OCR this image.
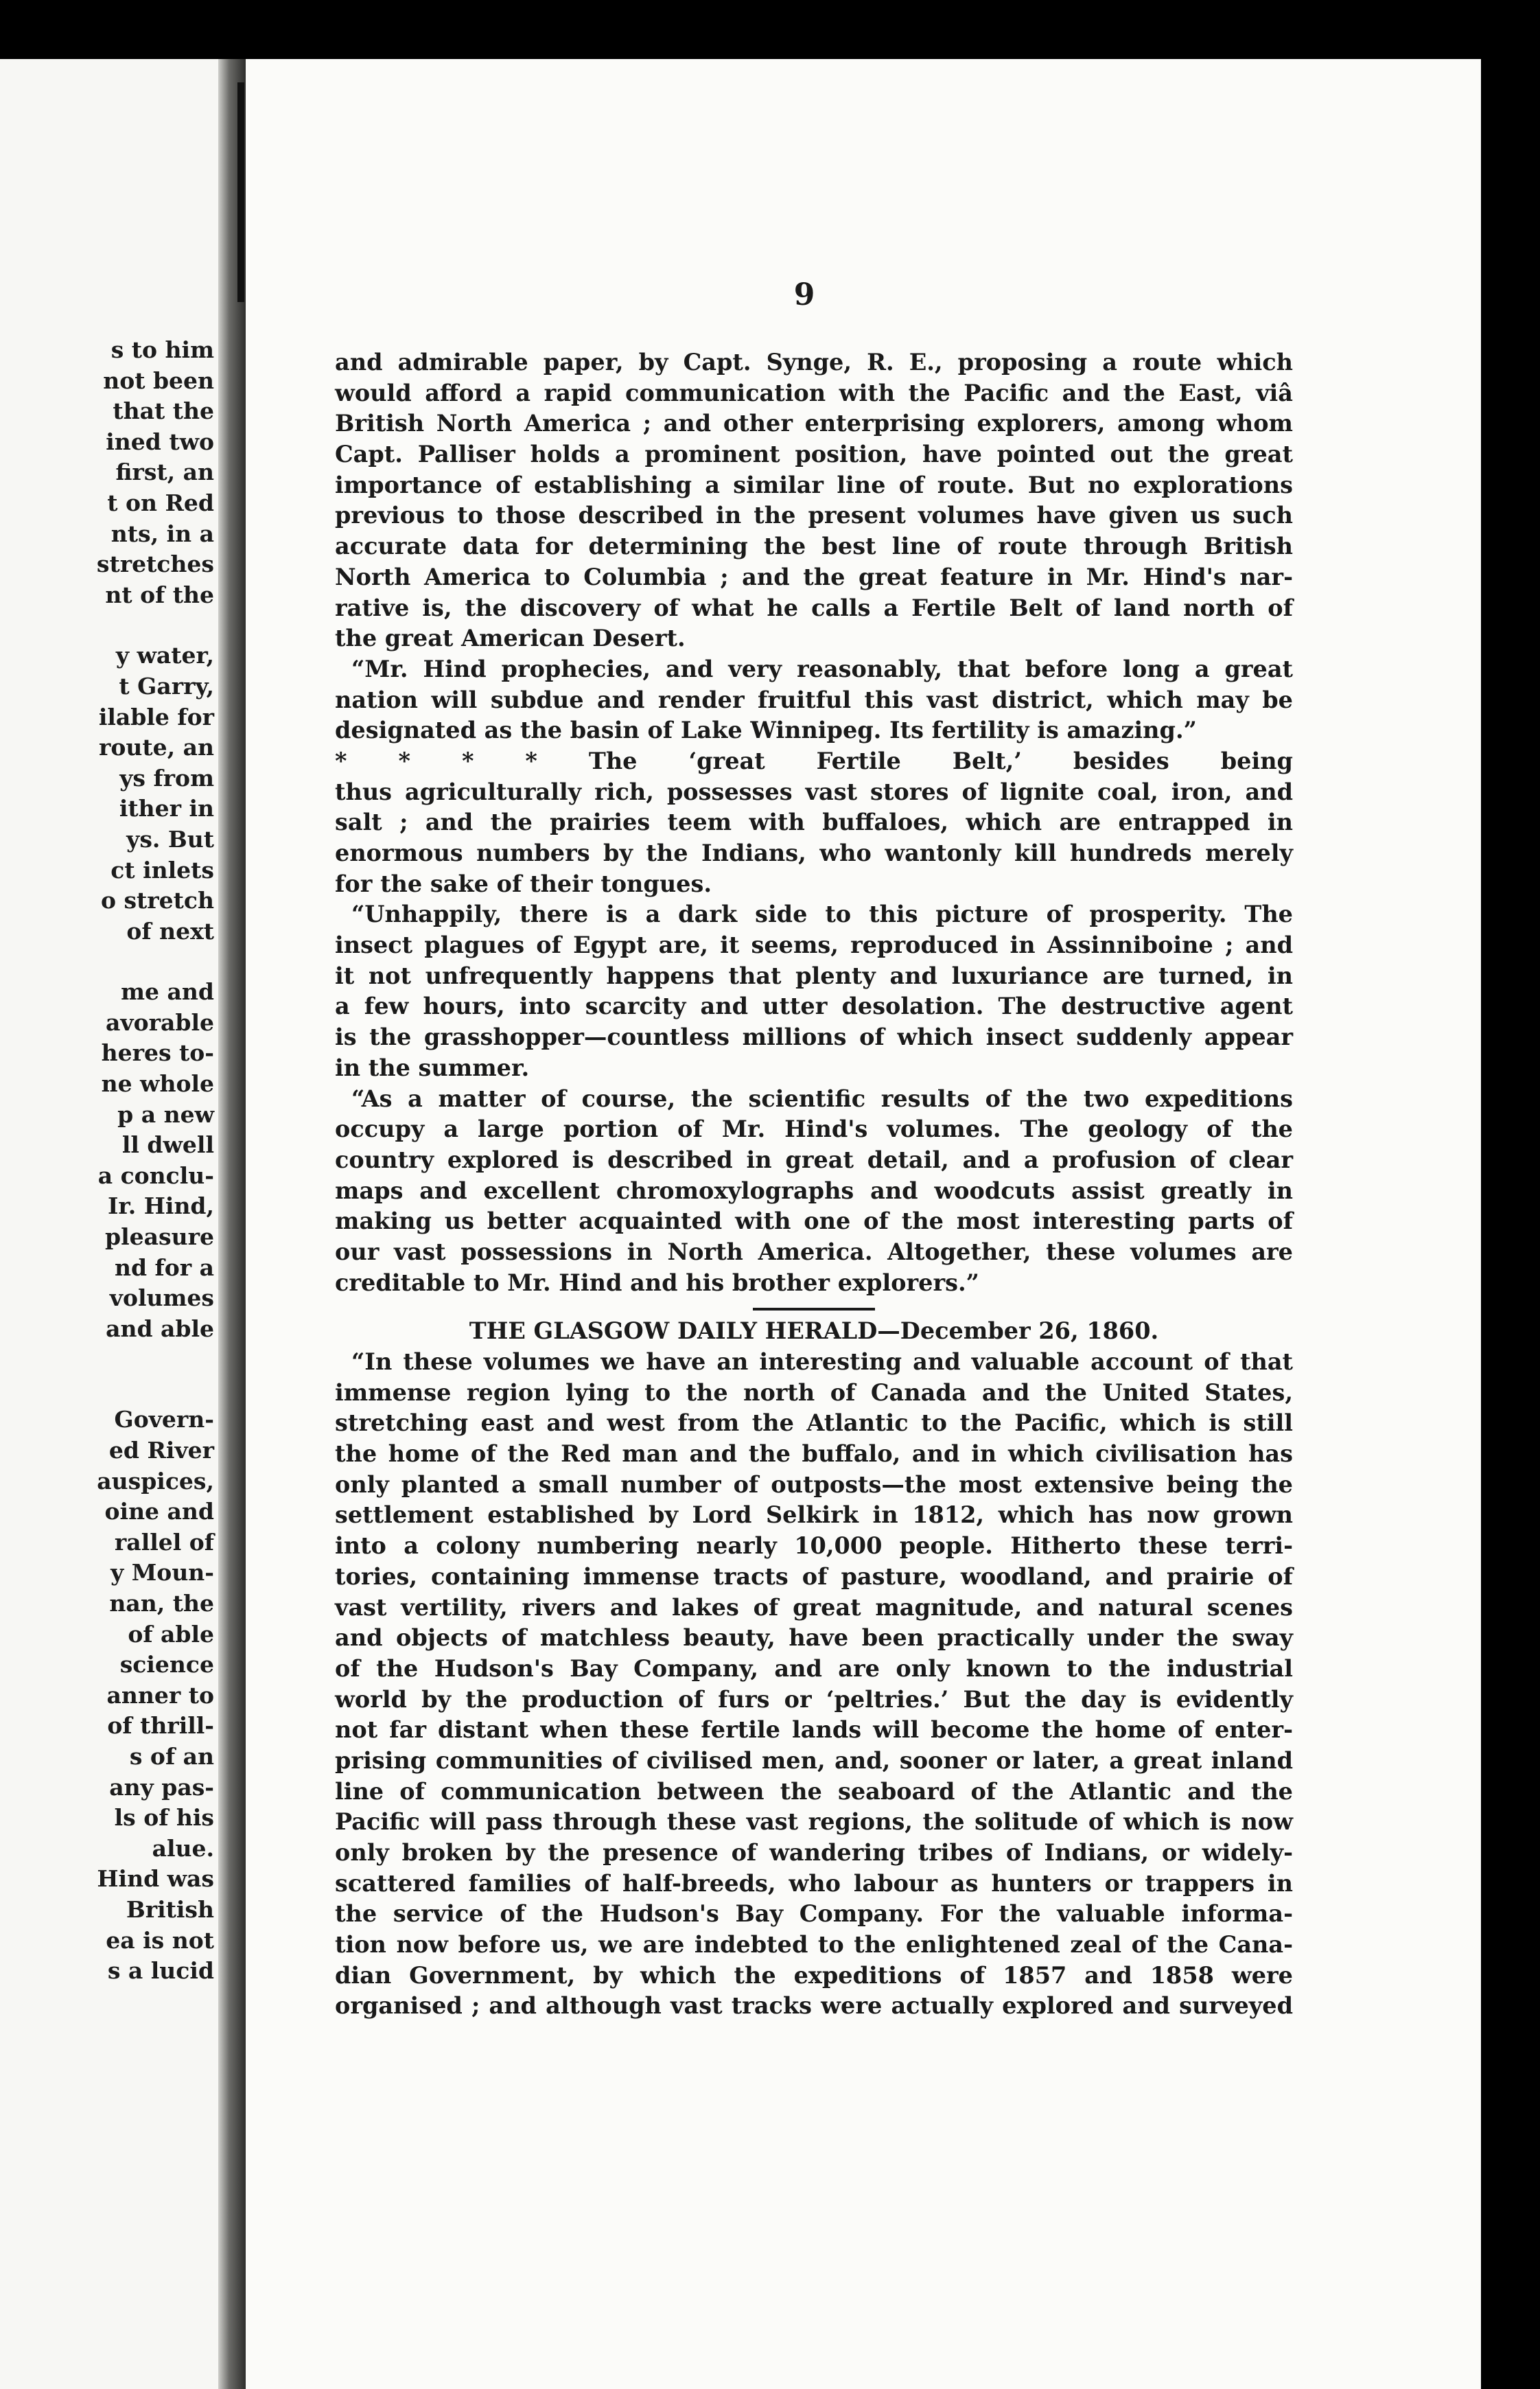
s to him
not been
that the
ined two
first, an
t on Red
nts, in a
stretches
nt of the
y water,
t Garry,
ilable for
route, an
ys from
ither in
ys. But
ct inlets
o stretch
of next
me and
avorable
heres to-
ne whole
p a new
ll dwell
a conclu-
Ir. Hind,
pleasure
nd for a
volumes
and able
Govern-
ed River
auspices,
oine and
rallel of
y Moun-
nan, the
of able
science
anner to
of thrill-
s of an
any pas-
ls of his
alue.
Hind was
British
ea is not
s a lucid
9
and admirable paper, by Capt. Synge, R. E., proposing a route which
would afford a rapid communication with the Pacific and the East, viâ
British North America ; and other enterprising explorers, among whom
Capt. Palliser holds a prominent position, have pointed out the great
importance of establishing a similar line of route. But no explorations
previous to those described in the present volumes have given us such
accurate data for determining the best line of route through British
North America to Columbia ; and the great feature in Mr. Hind's nar-
rative is, the discovery of what he calls a Fertile Belt of land north of
the great American Desert.
“Mr. Hind prophecies, and very reasonably, that before long a great
nation will subdue and render fruitful this vast district, which may be
designated as the basin of Lake Winnipeg. Its fertility is amazing.”
* * * * The ‘great Fertile Belt,’ besides being
thus agriculturally rich, possesses vast stores of lignite coal, iron, and
salt ; and the prairies teem with buffaloes, which are entrapped in
enormous numbers by the Indians, who wantonly kill hundreds merely
for the sake of their tongues.
“Unhappily, there is a dark side to this picture of prosperity. The
insect plagues of Egypt are, it seems, reproduced in Assinniboine ; and
it not unfrequently happens that plenty and luxuriance are turned, in
a few hours, into scarcity and utter desolation. The destructive agent
is the grasshopper—countless millions of which insect suddenly appear
in the summer.
“As a matter of course, the scientific results of the two expeditions
occupy a large portion of Mr. Hind's volumes. The geology of the
country explored is described in great detail, and a profusion of clear
maps and excellent chromoxylographs and woodcuts assist greatly in
making us better acquainted with one of the most interesting parts of
our vast possessions in North America. Altogether, these volumes are
creditable to Mr. Hind and his brother explorers.”
THE GLASGOW DAILY HERALD—December 26, 1860.
“In these volumes we have an interesting and valuable account of that
immense region lying to the north of Canada and the United States,
stretching east and west from the Atlantic to the Pacific, which is still
the home of the Red man and the buffalo, and in which civilisation has
only planted a small number of outposts—the most extensive being the
settlement established by Lord Selkirk in 1812, which has now grown
into a colony numbering nearly 10,000 people. Hitherto these terri-
tories, containing immense tracts of pasture, woodland, and prairie of
vast vertility, rivers and lakes of great magnitude, and natural scenes
and objects of matchless beauty, have been practically under the sway
of the Hudson's Bay Company, and are only known to the industrial
world by the production of furs or ‘peltries.’ But the day is evidently
not far distant when these fertile lands will become the home of enter-
prising communities of civilised men, and, sooner or later, a great inland
line of communication between the seaboard of the Atlantic and the
Pacific will pass through these vast regions, the solitude of which is now
only broken by the presence of wandering tribes of Indians, or widely-
scattered families of half-breeds, who labour as hunters or trappers in
the service of the Hudson's Bay Company. For the valuable informa-
tion now before us, we are indebted to the enlightened zeal of the Cana-
dian Government, by which the expeditions of 1857 and 1858 were
organised ; and although vast tracks were actually explored and surveyed
